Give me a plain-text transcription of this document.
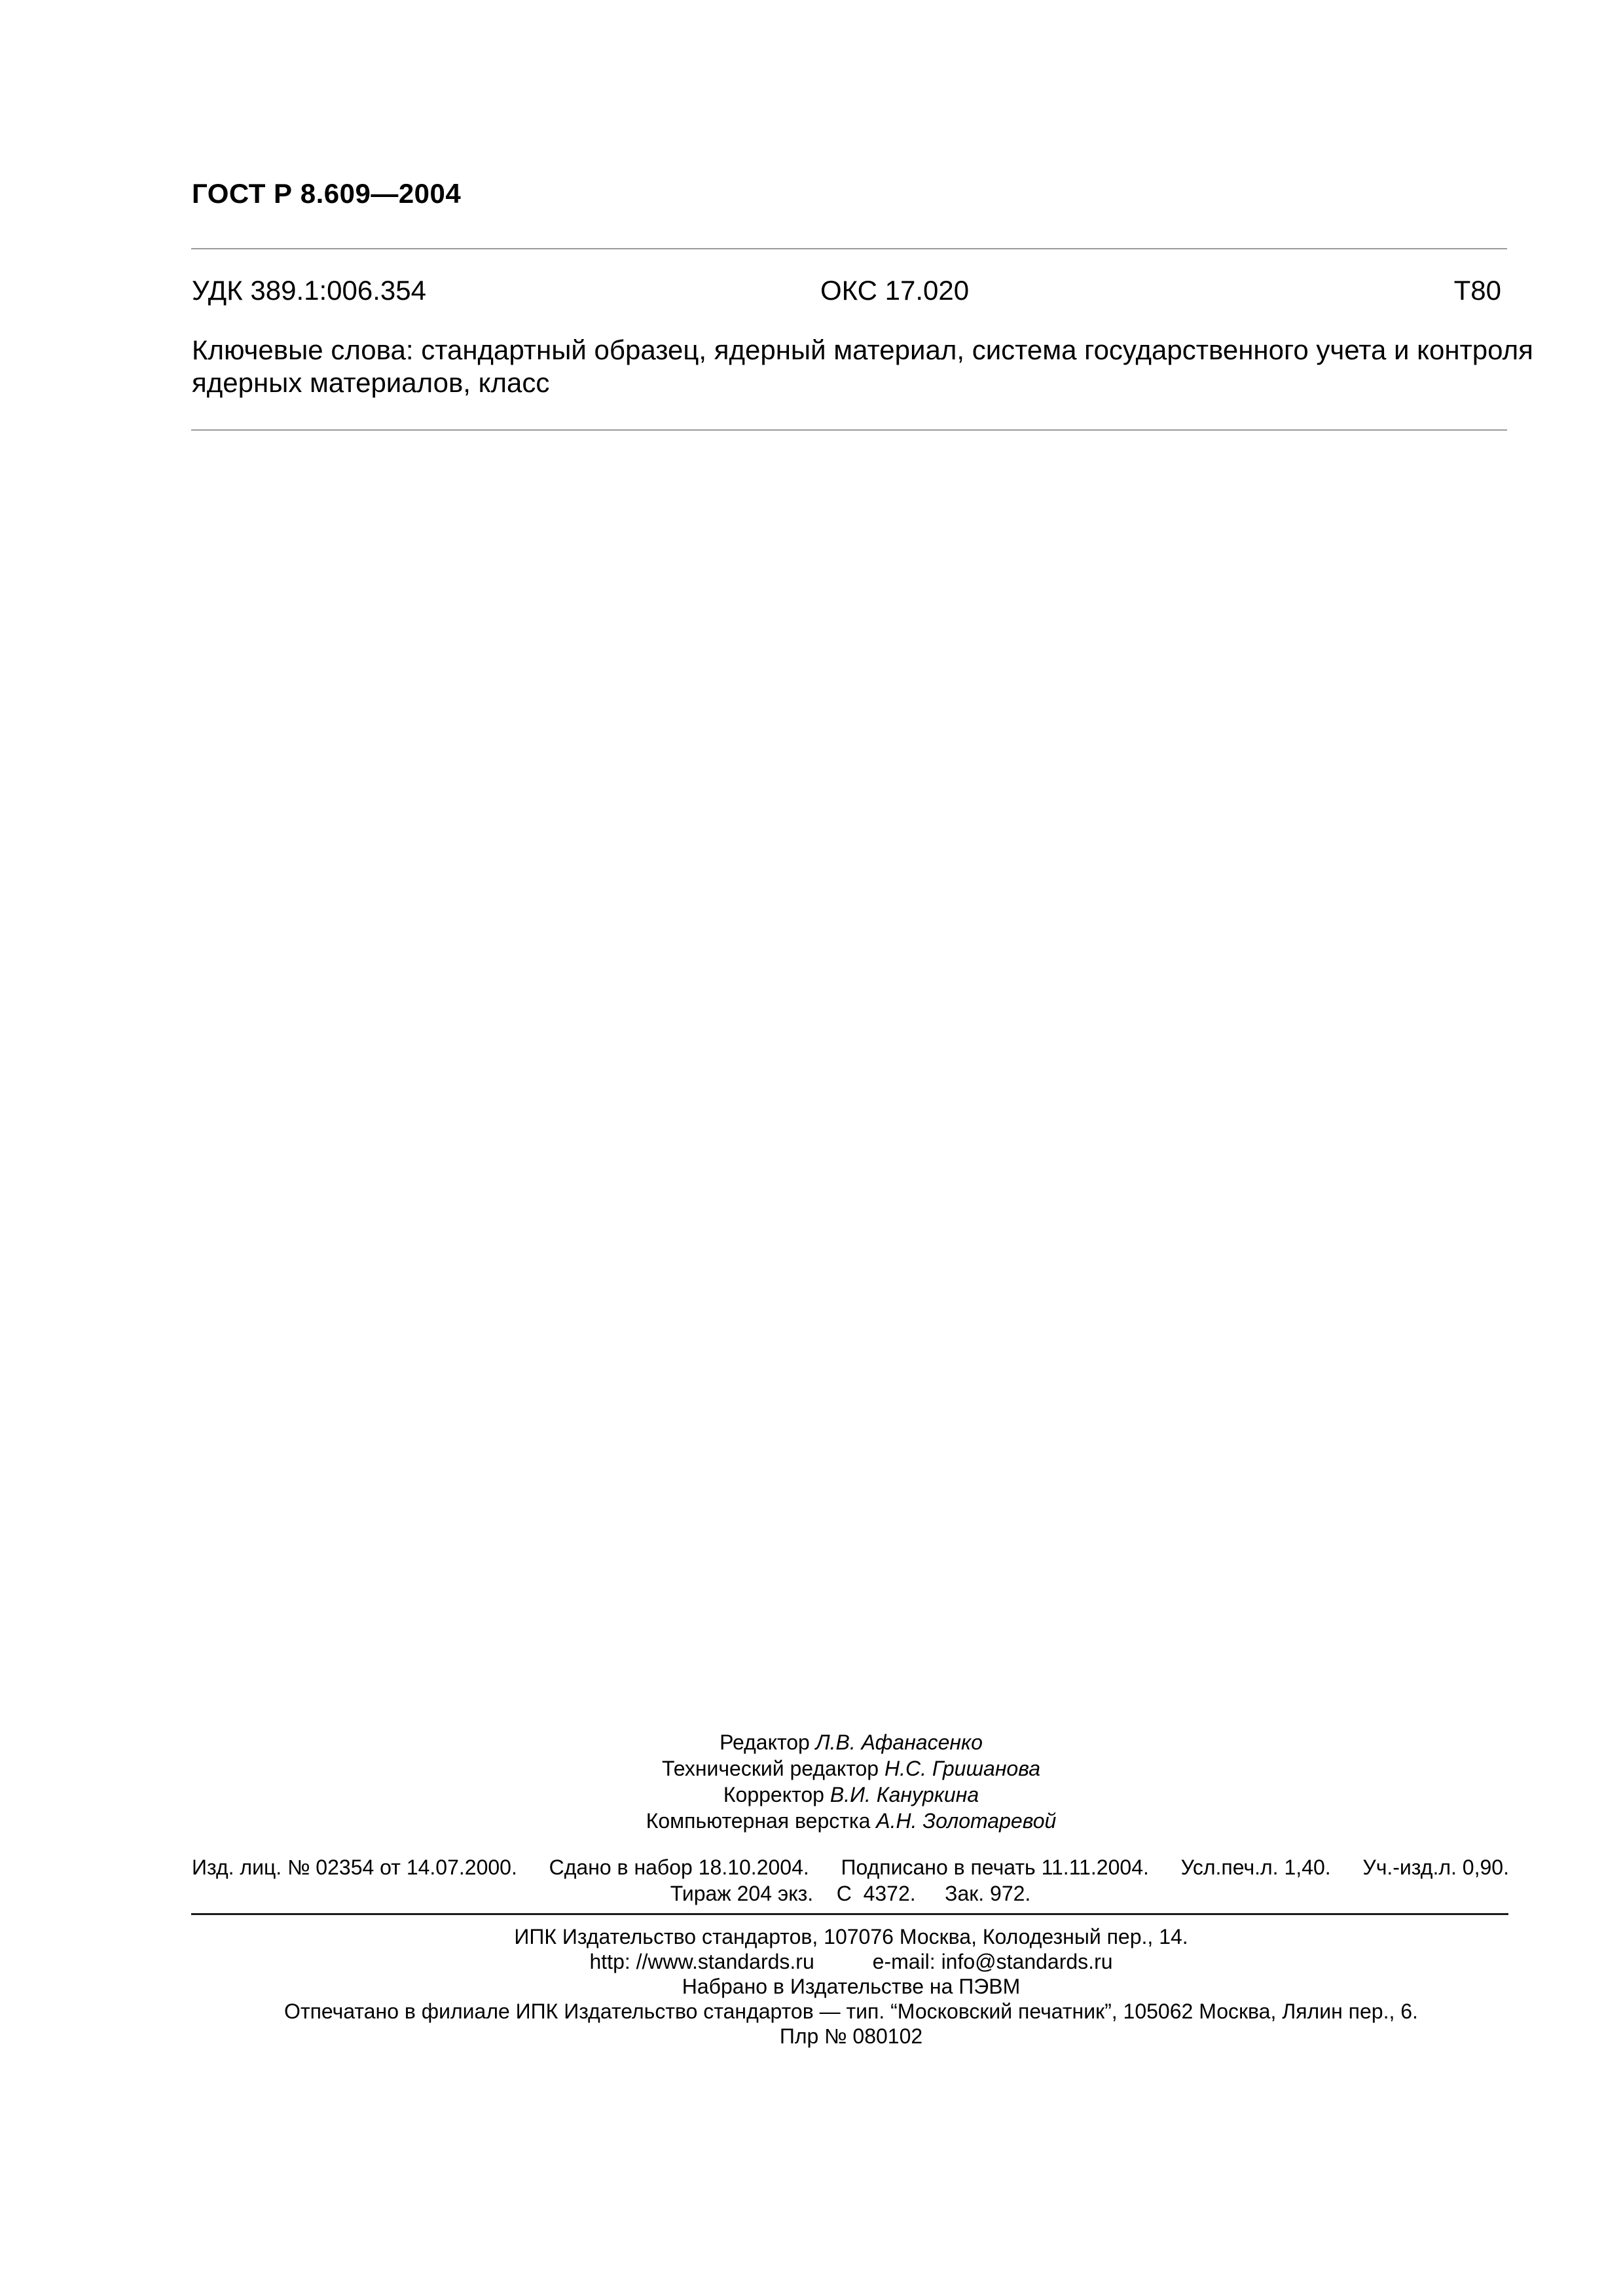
ГОСТ Р 8.609—2004
УДК 389.1:006.354	ОКС 17.020	Т80
Ключевые слова: стандартный образец, ядерный материал, система государственного учета и контроля
ядерных материалов, класс
Редактор Л.В. Афанасенко
Технический редактор Н.С. Гришанова
Корректор В.И. Кануркина
Компьютерная верстка А.Н. Золотаревой
Изд. лиц. № 02354 от 14.07.2000. Сдано в набор 18.10.2004. Подписано в печать 11.11.2004. Усл.печ.л. 1,40. Уч.-изд.л. 0,90.
Тираж 204 экз.    С  4372.     Зак. 972.
ИПК Издательство стандартов, 107076 Москва, Колодезный пер., 14.
http: //www.standards.ru          e-mail: info@standards.ru
Набрано в Издательстве на ПЭВМ
Отпечатано в филиале ИПК Издательство стандартов — тип. “Московский печатник”, 105062 Москва, Лялин пер., 6.
Плр № 080102
